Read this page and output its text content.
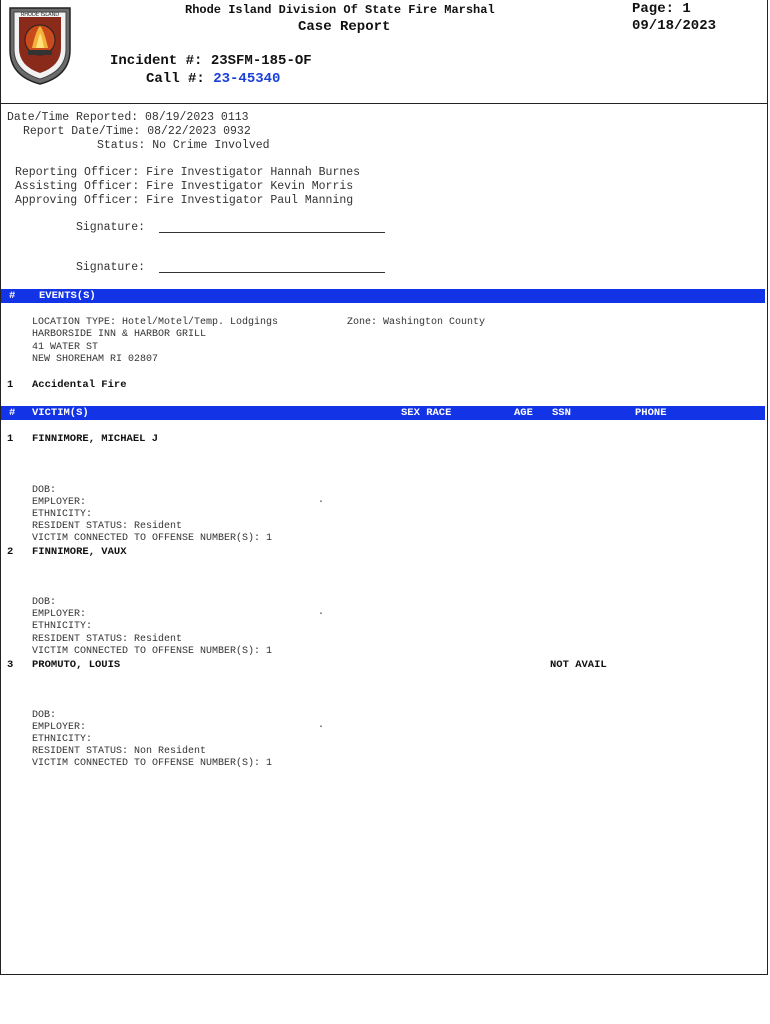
RHODE ISLAND	Rhode Island Division Of State Fire Marshal
Case Report
Page: 1
09/18/2023
Incident #: 23SFM-185-OF
Call #: 23-45340
Date/Time Reported: 08/19/2023 0113
Report Date/Time: 08/22/2023 0932
Status: No Crime Involved
Reporting Officer: Fire Investigator Hannah Burnes
Assisting Officer: Fire Investigator Kevin Morris
Approving Officer: Fire Investigator Paul Manning
Signature:
Signature:
# EVENTS(S)
LOCATION TYPE: Hotel/Motel/Temp. Lodgings	Zone: Washington County
HARBORSIDE INN & HARBOR GRILL
41 WATER ST
NEW SHOREHAM RI 02807
1 Accidental Fire
# VICTIM(S)	SEX RACE	AGE SSN	PHONE
1 FINNIMORE, MICHAEL J
DOB:
EMPLOYER:	.
ETHNICITY:
RESIDENT STATUS: Resident
VICTIM CONNECTED TO OFFENSE NUMBER(S): 1
2 FINNIMORE, VAUX
DOB:
EMPLOYER:	.
ETHNICITY:
RESIDENT STATUS: Resident
VICTIM CONNECTED TO OFFENSE NUMBER(S): 1
3 PROMUTO, LOUIS	NOT AVAIL
DOB:
EMPLOYER:	.
ETHNICITY:
RESIDENT STATUS: Non Resident
VICTIM CONNECTED TO OFFENSE NUMBER(S): 1
